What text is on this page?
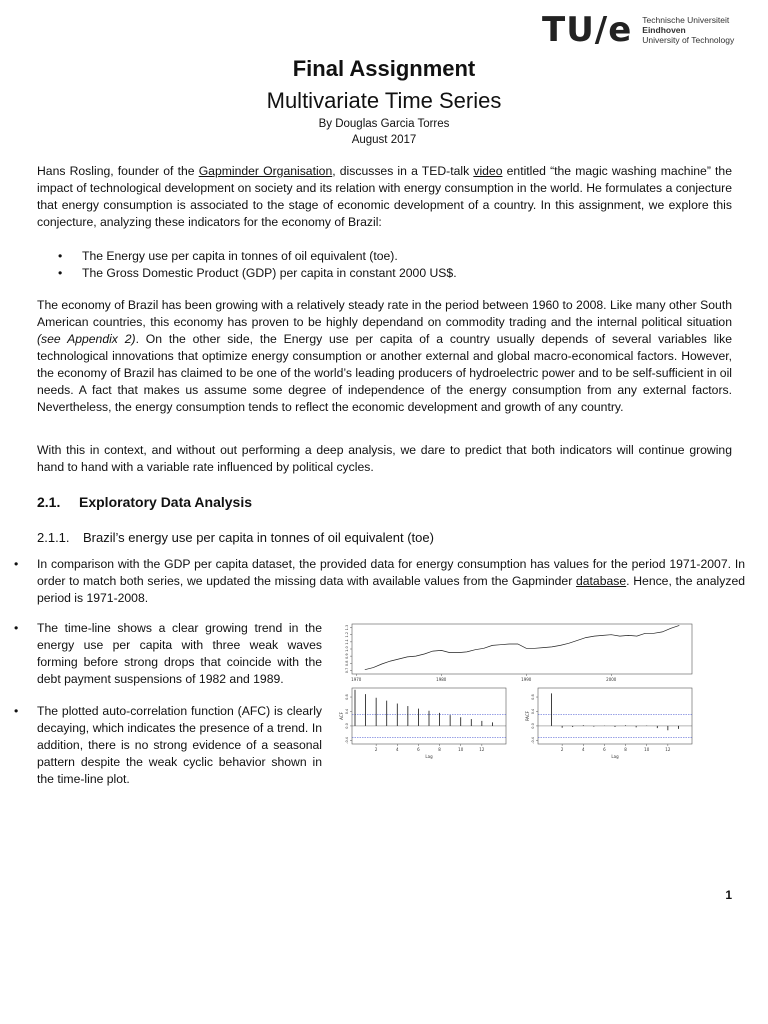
TU/e Technische Universiteit
Eindhoven
University of Technology
Final Assignment
Multivariate Time Series
By Douglas Garcia Torres
August 2017

Hans Rosling, founder of the Gapminder Organisation, discusses in a TED-talk video entitled “the magic washing machine” the impact of technological development on society and its relation with energy consumption in the world. He formulates a conjecture that energy consumption is associated to the stage of economic development of a country. In this assignment, we explore this conjecture, analyzing these indicators for the economy of Brazil:

• The Energy use per capita in tonnes of oil equivalent (toe).
• The Gross Domestic Product (GDP) per capita in constant 2000 US$.

The economy of Brazil has been growing with a relatively steady rate in the period between 1960 to 2008. Like many other South American countries, this economy has proven to be highly dependand on commodity trading and the internal political situation (see Appendix 2). On the other side, the Energy use per capita of a country usually depends of several variables like technological innovations that optimize energy consumption or another external and global macro-economical factors. However, the economy of Brazil has claimed to be one of the world’s leading producers of hydroelectric power and to be self-sufficient in oil needs. A fact that makes us assume some degree of independence of the energy consumption from any external factors. Nevertheless, the energy consumption tends to reflect the economic development and growth of any country.

With this in context, and without out performing a deep analysis, we dare to predict that both indicators will continue growing hand to hand with a variable rate influenced by political cycles.

2.1. Exploratory Data Analysis
2.1.1. Brazil’s energy use per capita in tonnes of oil equivalent (toe)
• In comparison with the GDP per capita dataset, the provided data for energy consumption has values for the period 1971-2007. In order to match both series, we updated the missing data with available values from the Gapminder database. Hence, the analyzed period is 1971-2008.
• The time-line shows a clear growing trend in the energy use per capita with three weak waves forming before strong drops that coincide with the debt payment suspensions of 1982 and 1989.
• The plotted auto-correlation function (AFC) is clearly decaying, which indicates the presence of a trend. In addition, there is no strong evidence of a seasonal pattern despite the weak cyclic behavior shown in the time-line plot.
1970	1980	1990	2000
0.7
0.8
0.9
1.0
1.1
1.2
1.3
2	4	6	8	10	12
-0.4
0.0
0.4
0.8
Lag
ACF
2	4	6	8	10	12
-0.4
0.0
0.4
0.8
Lag
PACF
1
